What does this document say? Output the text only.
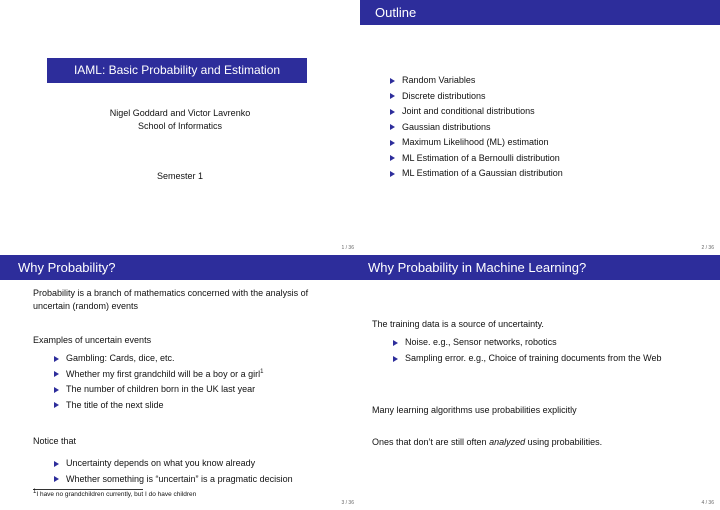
IAML: Basic Probability and Estimation
Nigel Goddard and Victor Lavrenko
School of Informatics
Semester 1
1 / 36
Outline
Random Variables
Discrete distributions
Joint and conditional distributions
Gaussian distributions
Maximum Likelihood (ML) estimation
ML Estimation of a Bernoulli distribution
ML Estimation of a Gaussian distribution
2 / 36
Why Probability?
Probability is a branch of mathematics concerned with the analysis of uncertain (random) events
Examples of uncertain events
Gambling: Cards, dice, etc.
Whether my first grandchild will be a boy or a girl$^1$
The number of children born in the UK last year
The title of the next slide
Notice that
Uncertainty depends on what you know already
Whether something is “uncertain” is a pragmatic decision
$^1$I have no grandchildren currently, but I do have children
3 / 36
Why Probability in Machine Learning?
The training data is a source of uncertainty.
Noise. e.g., Sensor networks, robotics
Sampling error. e.g., Choice of training documents from the Web
Many learning algorithms use probabilities explicitly
Ones that don’t are still often analyzed using probabilities.
4 / 36
